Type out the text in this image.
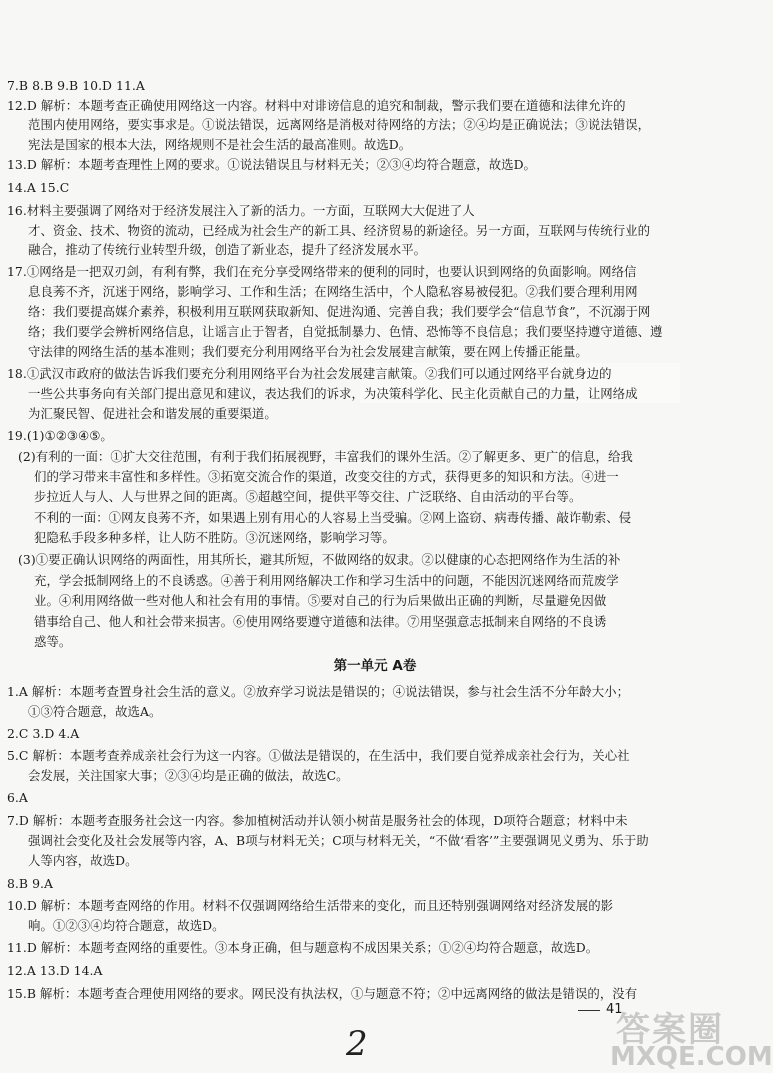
7.B 8.B 9.B 10.D 11.A
12.D 解析：本题考查正确使用网络这一内容。材料中对诽谤信息的追究和制裁，警示我们要在道德和法律允许的
范围内使用网络，要实事求是。①说法错误，远离网络是消极对待网络的方法；②④均是正确说法；③说法错误，
宪法是国家的根本大法，网络规则不是社会生活的最高准则。故选D。
13.D 解析：本题考查理性上网的要求。①说法错误且与材料无关；②③④均符合题意，故选D。
14.A 15.C
16.材料主要强调了网络对于经济发展注入了新的活力。一方面，互联网大大促进了人
才、资金、技术、物资的流动，已经成为社会生产的新工具、经济贸易的新途径。另一方面，互联网与传统行业的
融合，推动了传统行业转型升级，创造了新业态，提升了经济发展水平。
17.①网络是一把双刃剑，有利有弊，我们在充分享受网络带来的便利的同时，也要认识到网络的负面影响。网络信
息良莠不齐，沉迷于网络，影响学习、工作和生活；在网络生活中，个人隐私容易被侵犯。②我们要合理利用网
络：我们要提高媒介素养，积极利用互联网获取新知、促进沟通、完善自我；我们要学会“信息节食”，不沉溺于网
络；我们要学会辨析网络信息，让谣言止于智者，自觉抵制暴力、色情、恐怖等不良信息；我们要坚持遵守道德、遵
守法律的网络生活的基本准则；我们要充分利用网络平台为社会发展建言献策，要在网上传播正能量。
18.①武汉市政府的做法告诉我们要充分利用网络平台为社会发展建言献策。②我们可以通过网络平台就身边的
一些公共事务向有关部门提出意见和建议，表达我们的诉求，为决策科学化、民主化贡献自己的力量，让网络成
为汇聚民智、促进社会和谐发展的重要渠道。
19.(1)①②③④⑤。
(2)有利的一面：①扩大交往范围，有利于我们拓展视野，丰富我们的课外生活。②了解更多、更广的信息，给我
们的学习带来丰富性和多样性。③拓宽交流合作的渠道，改变交往的方式，获得更多的知识和方法。④进一
步拉近人与人、人与世界之间的距离。⑤超越空间，提供平等交往、广泛联络、自由活动的平台等。
不利的一面：①网友良莠不齐，如果遇上别有用心的人容易上当受骗。②网上盗窃、病毒传播、敲诈勒索、侵
犯隐私手段多种多样，让人防不胜防。③沉迷网络，影响学习等。
(3)①要正确认识网络的两面性，用其所长，避其所短，不做网络的奴隶。②以健康的心态把网络作为生活的补
充，学会抵制网络上的不良诱惑。④善于利用网络解决工作和学习生活中的问题，不能因沉迷网络而荒废学
业。④利用网络做一些对他人和社会有用的事情。⑤要对自己的行为后果做出正确的判断，尽量避免因做
错事给自己、他人和社会带来损害。⑥使用网络要遵守道德和法律。⑦用坚强意志抵制来自网络的不良诱
惑等。
第一单元 A卷
1.A 解析：本题考查置身社会生活的意义。②放弃学习说法是错误的；④说法错误，参与社会生活不分年龄大小；
①③符合题意，故选A。
2.C 3.D 4.A
5.C 解析：本题考查养成亲社会行为这一内容。①做法是错误的，在生活中，我们要自觉养成亲社会行为，关心社
会发展，关注国家大事；②③④均是正确的做法，故选C。
6.A
7.D 解析：本题考查服务社会这一内容。参加植树活动并认领小树苗是服务社会的体现，D项符合题意；材料中未
强调社会变化及社会发展等内容，A、B项与材料无关；C项与材料无关，“不做‘看客’”主要强调见义勇为、乐于助
人等内容，故选D。
8.B 9.A
10.D 解析：本题考查网络的作用。材料不仅强调网络给生活带来的变化，而且还特别强调网络对经济发展的影
响。①②③④均符合题意，故选D。
11.D 解析：本题考查网络的重要性。③本身正确，但与题意构不成因果关系；①②④均符合题意，故选D。
12.A 13.D 14.A
15.B 解析：本题考查合理使用网络的要求。网民没有执法权，①与题意不符；②中远离网络的做法是错误的，没有
41
2	答案圈
MXQE.COM
